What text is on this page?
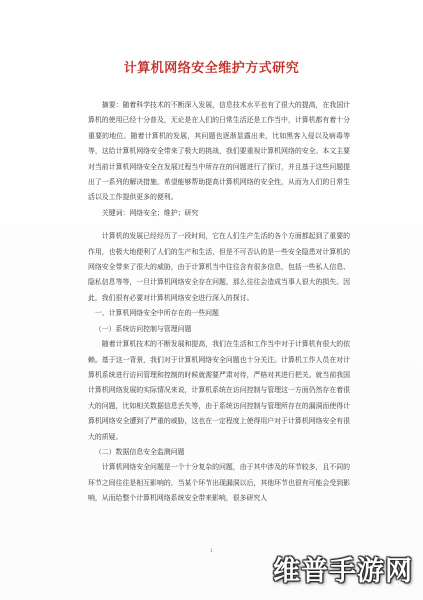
计算机网络安全维护方式研究

摘要：随着科学技术的不断深入发展，信息技术水平也有了很大的提高，在我国计算机的使用已经十分普及，无论是在人们的日常生活还是工作当中，计算机都有着十分重要的地位。随着计算机的发展，其问题也逐渐显露出来，比如黑客入侵以及病毒等等，这给计算机网络安全带来了极大的挑战，我们要重视计算机网络的安全。本文主要对当前计算机网络安全在发展过程当中所存在的问题进行了探讨，并且基于这些问题提出了一系列的解决措施，希望能够帮助提高计算机网络的安全性，从而为人们的日常生活以及工作提供更多的便利。

关键词：网络安全；维护；研究

计算机的发展已经经历了一段时间，它在人们生产生活的各个方面都起到了重要的作用，也极大地便利了人们的生产和生活，但是不可否认的是一些安全隐患对计算机的网络安全带来了很大的威胁，由于计算机当中往往含有很多信息，包括一些私人信息、隐私信息等等，一旦计算机网络安全存在问题，那么往往会造成当事人很大的损失。因此，我们很有必要对计算机网络安全进行深入的探讨。

一、计算机网络安全中所存在的一些问题

（一）系统访问控制与管理问题

随着计算机技术的不断发展和提高，我们在生活和工作当中对于计算机有很大的依赖。基于这一背景，我们对于计算机网络安全问题也十分关注。计算机工作人员在对计算机系统进行访问管理和控制的时候就需要严肃对待，严格对其进行把关。就当前我国计算机网络发展的实际情况来说，计算机系统在访问控制与管理这一方面仍然存在着很大的问题，比如相关数据信息丢失等，由于系统访问控制与管理所存在的漏洞而使得计算机网络安全遭到了严重的威胁，这也在一定程度上使得用户对于计算机网络安全有很大的质疑。

（二）数据信息安全监测问题

计算机网络安全问题是一个十分复杂的问题，由于其中涉及的环节较多，且不同的环节之间往往是相互影响的，当某个环节出现漏洞以后，其他环节也很有可能会受到影响，从而给整个计算机网络系统安全带来影响，很多研究人

1
维普手游网
